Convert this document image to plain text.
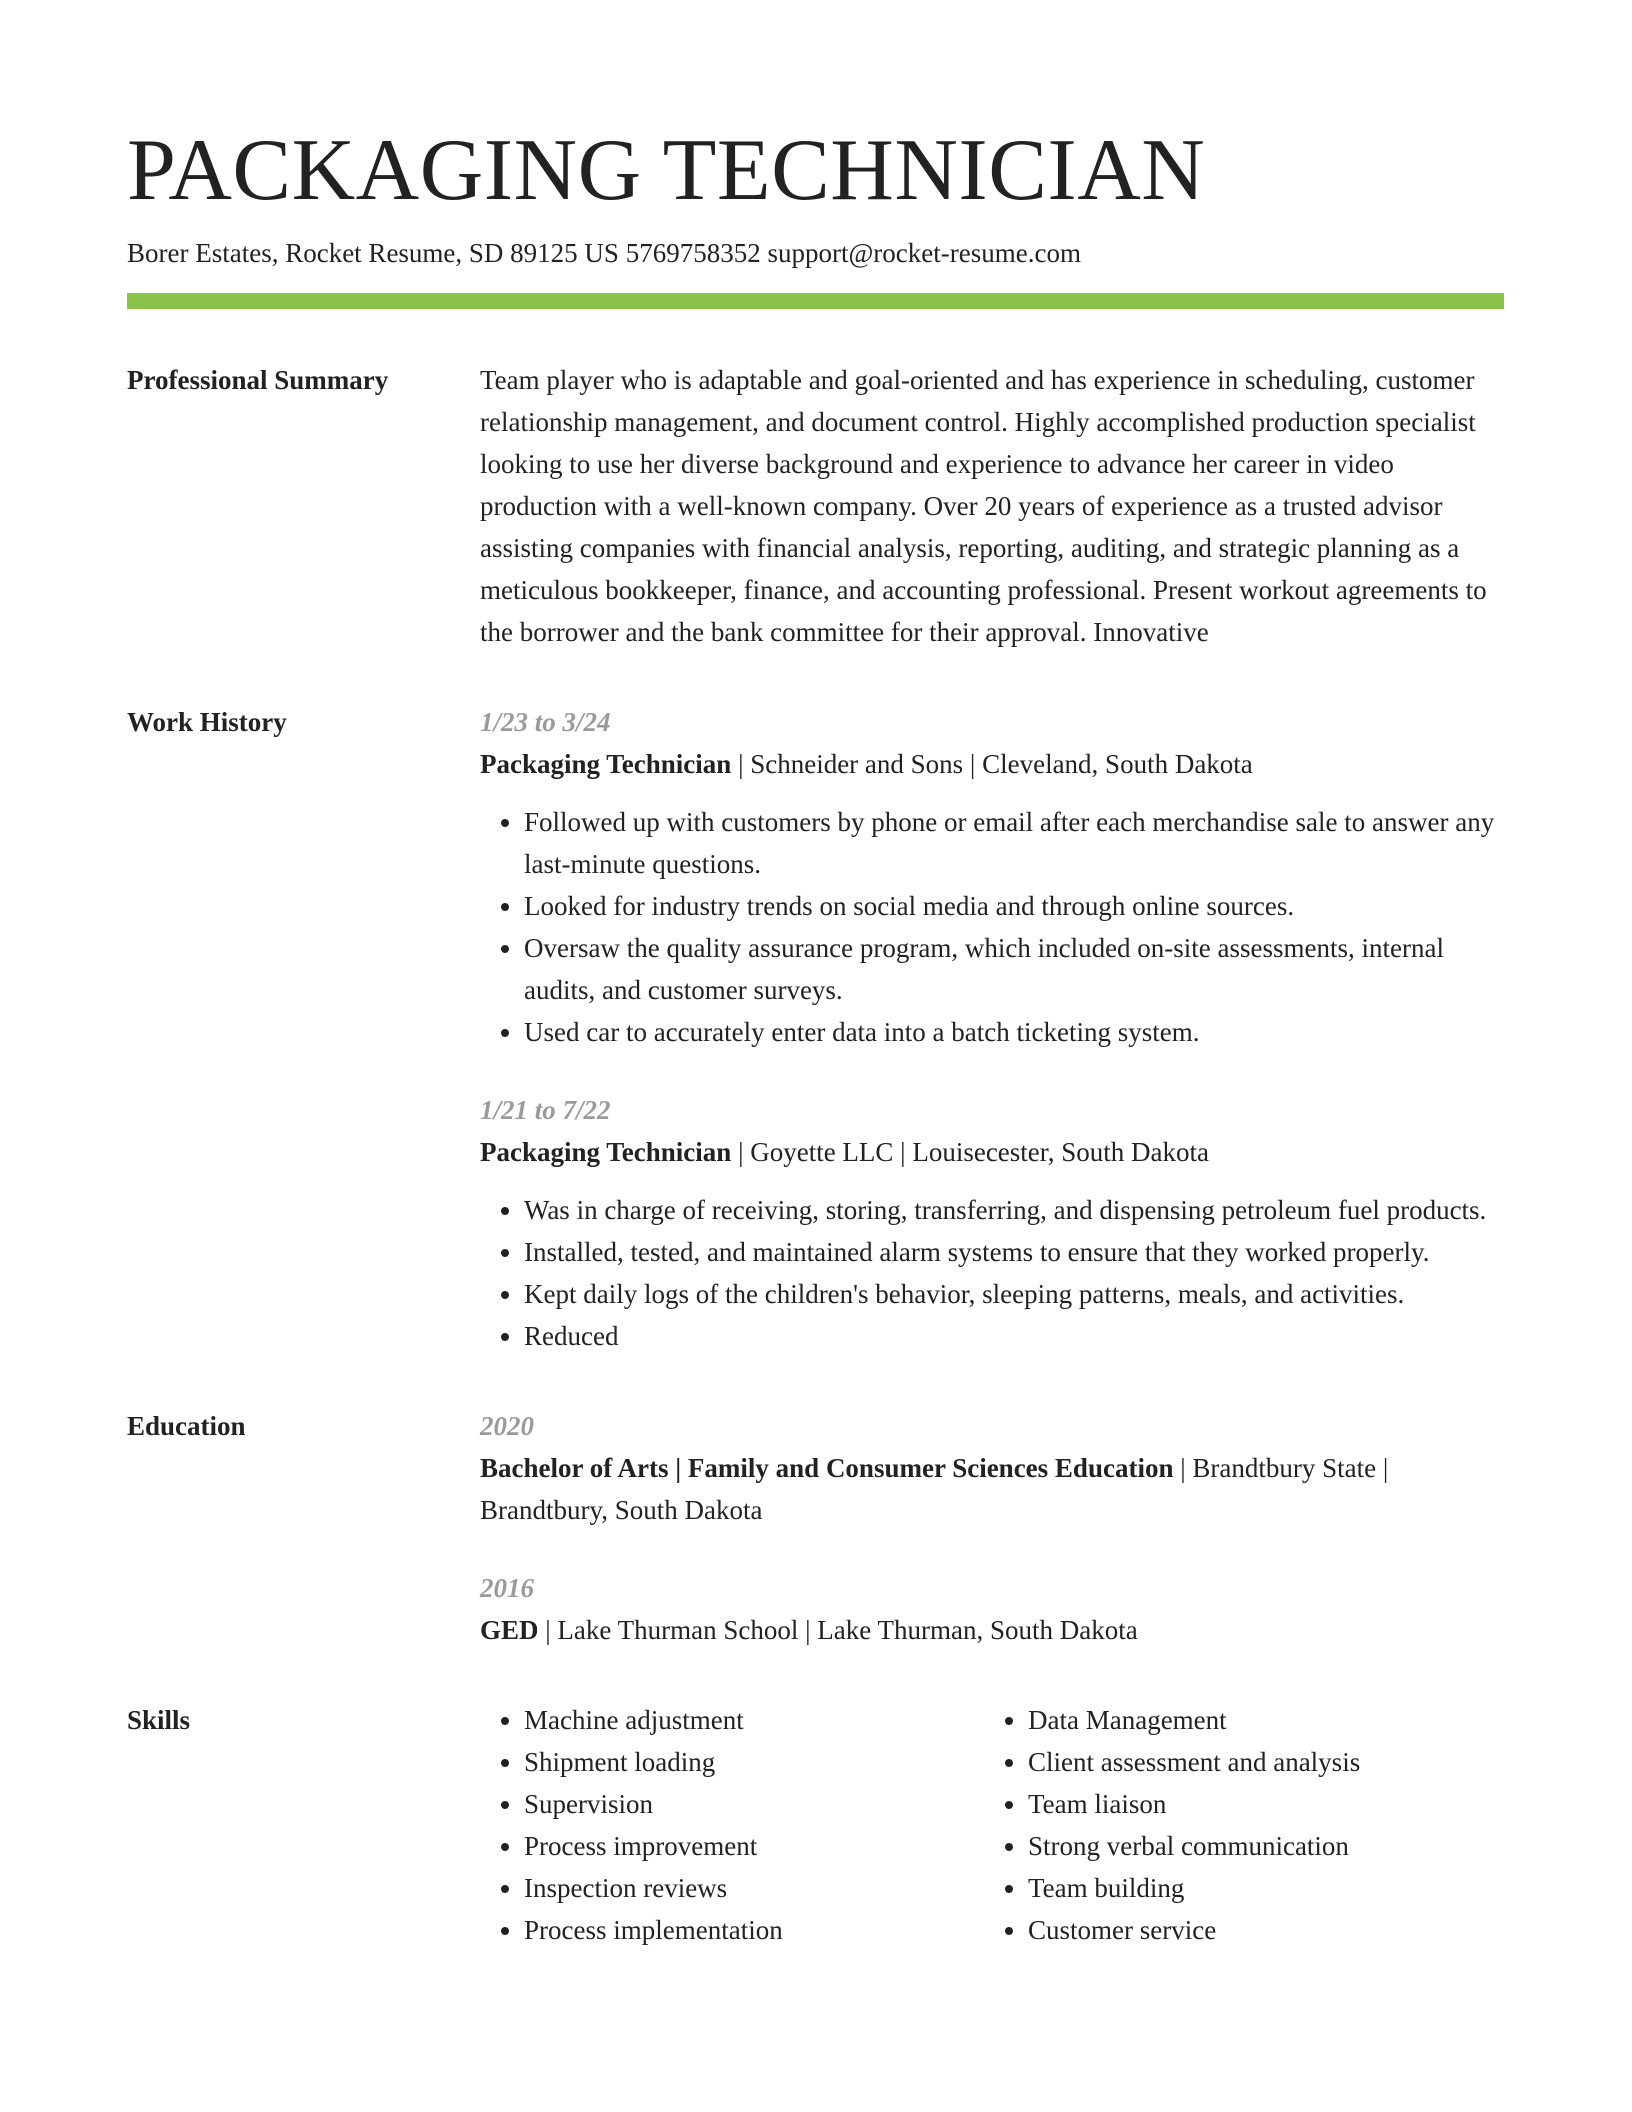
PACKAGING TECHNICIAN
Borer Estates, Rocket Resume, SD 89125 US 5769758352 support@rocket-resume.com
Professional Summary	Team player who is adaptable and goal-oriented and has experience in scheduling, customer relationship management, and document control. Highly accomplished production specialist looking to use her diverse background and experience to advance her career in video production with a well-known company. Over 20 years of experience as a trusted advisor assisting companies with financial analysis, reporting, auditing, and strategic planning as a meticulous bookkeeper, finance, and accounting professional. Present workout agreements to the borrower and the bank committee for their approval. Innovative

Work History	1/23 to 3/24
Packaging Technician | Schneider and Sons | Cleveland, South Dakota
• Followed up with customers by phone or email after each merchandise sale to answer any last-minute questions.
• Looked for industry trends on social media and through online sources.
• Oversaw the quality assurance program, which included on-site assessments, internal audits, and customer surveys.
• Used car to accurately enter data into a batch ticketing system.
1/21 to 7/22
Packaging Technician | Goyette LLC | Louisecester, South Dakota
• Was in charge of receiving, storing, transferring, and dispensing petroleum fuel products.
• Installed, tested, and maintained alarm systems to ensure that they worked properly.
• Kept daily logs of the children's behavior, sleeping patterns, meals, and activities.
• Reduced
Education	2020
Bachelor of Arts | Family and Consumer Sciences Education | Brandtbury State | Brandtbury, South Dakota
2016
GED | Lake Thurman School | Lake Thurman, South Dakota
Skills
•	Machine adjustment
• Shipment loading
• Supervision
• Process improvement
• Inspection reviews
• Process implementation
• Data Management
• Client assessment and analysis
• Team liaison
• Strong verbal communication
• Team building
• Customer service
